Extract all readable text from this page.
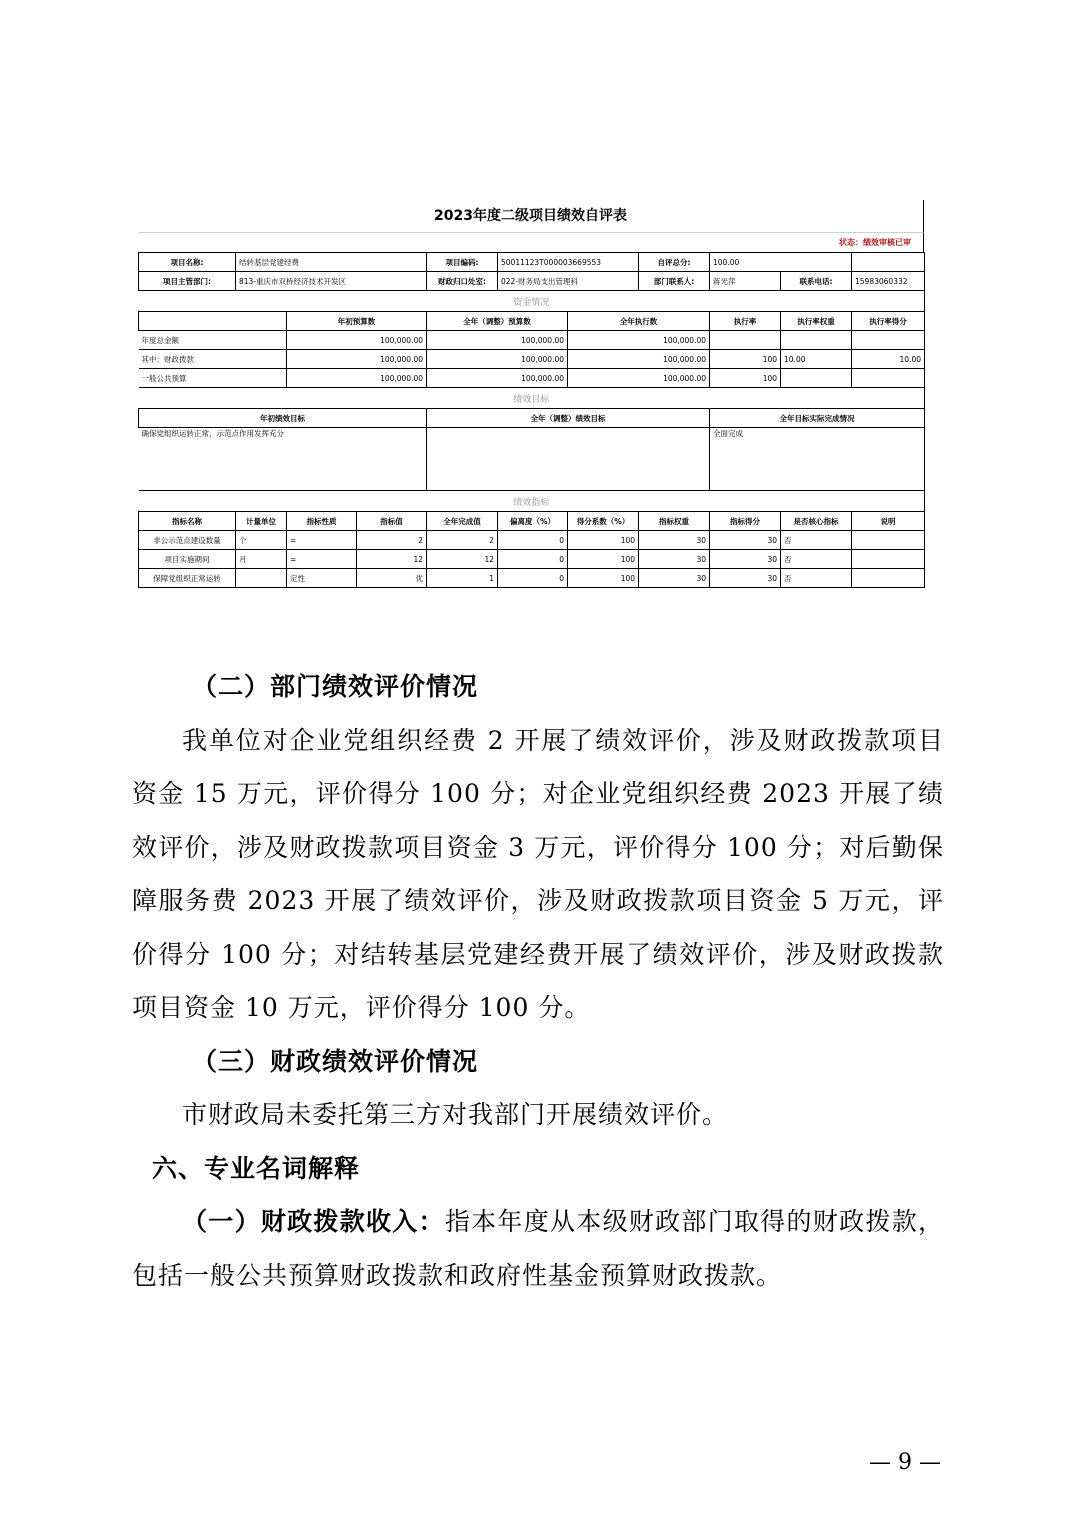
2023年度二级项目绩效自评表
状态：绩效审核已审
项目名称:	结转基层党建经费			项目编码:	50011123T000003669553		自评总分:	100.00		
项目主管部门:	813-重庆市双桥经济技术开发区			财政归口处室:	022-财务局支出管理科		部门联系人:	蒋光萍	联系电话:	15983060332
资金情况										
		年初预算数		全年（调整）预算数		全年执行数		执行率	执行率权重	执行率得分
年度总金额		100,000.00		100,000.00		100,000.00				
其中：财政拨款		100,000.00		100,000.00		100,000.00		100	10.00	10.00
一般公共预算		100,000.00		100,000.00		100,000.00		100		
绩效目标										
年初绩效目标				全年（调整）绩效目标				全年目标实际完成情况		
确保党组织运转正常，示范点作用发挥充分								全面完成		
绩效指标										
指标名称	计量单位	指标性质	指标值	全年完成值	偏离度（%）	得分系数（%）	指标权重	指标得分	是否核心指标	说明
非公示范点建设数量	个	=	2	2	0	100	30	30	否	
项目实施期间	月	=	12	12	0	100	30	30	否	
保障党组织正常运转		定性	优	1	0	100	30	30	否	

（二）部门绩效评价情况

我单位对企业党组织经费 2 开展了绩效评价，涉及财政拨款项目资金 15 万元，评价得分 100 分；对企业党组织经费 2023 开展了绩效评价，涉及财政拨款项目资金 3 万元，评价得分 100 分；对后勤保障服务费 2023 开展了绩效评价，涉及财政拨款项目资金 5 万元，评价得分 100 分；对结转基层党建经费开展了绩效评价，涉及财政拨款项目资金 10 万元，评价得分 100 分。

（三）财政绩效评价情况

市财政局未委托第三方对我部门开展绩效评价。

六、专业名词解释

（一）财政拨款收入：指本年度从本级财政部门取得的财政拨款，包括一般公共预算财政拨款和政府性基金预算财政拨款。

— 9 —
